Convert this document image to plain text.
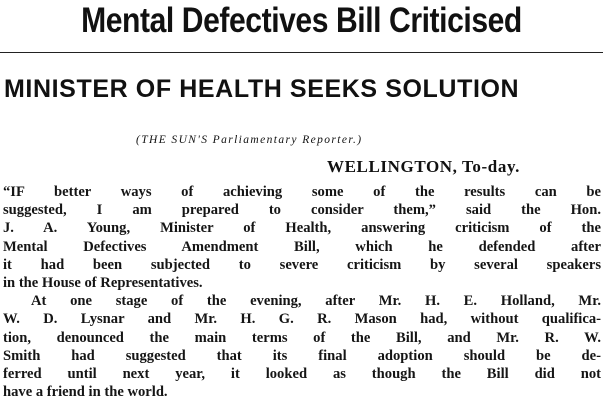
Mental Defectives Bill Criticised
MINISTER OF HEALTH SEEKS SOLUTION
(THE SUN'S Parliamentary Reporter.)
WELLINGTON, To-day.
“IF better ways of achieving some of the results can be
suggested, I am prepared to consider them,” said the Hon.
J. A. Young, Minister of Health, answering criticism of the
Mental Defectives Amendment Bill, which he defended after
it had been subjected to severe criticism by several speakers
in the House of Representatives.
At one stage of the evening, after Mr. H. E. Holland, Mr.
W. D. Lysnar and Mr. H. G. R. Mason had, without qualifica-
tion, denounced the main terms of the Bill, and Mr. R. W.
Smith had suggested that its final adoption should be de-
ferred until next year, it looked as though the Bill did not
have a friend in the world.
